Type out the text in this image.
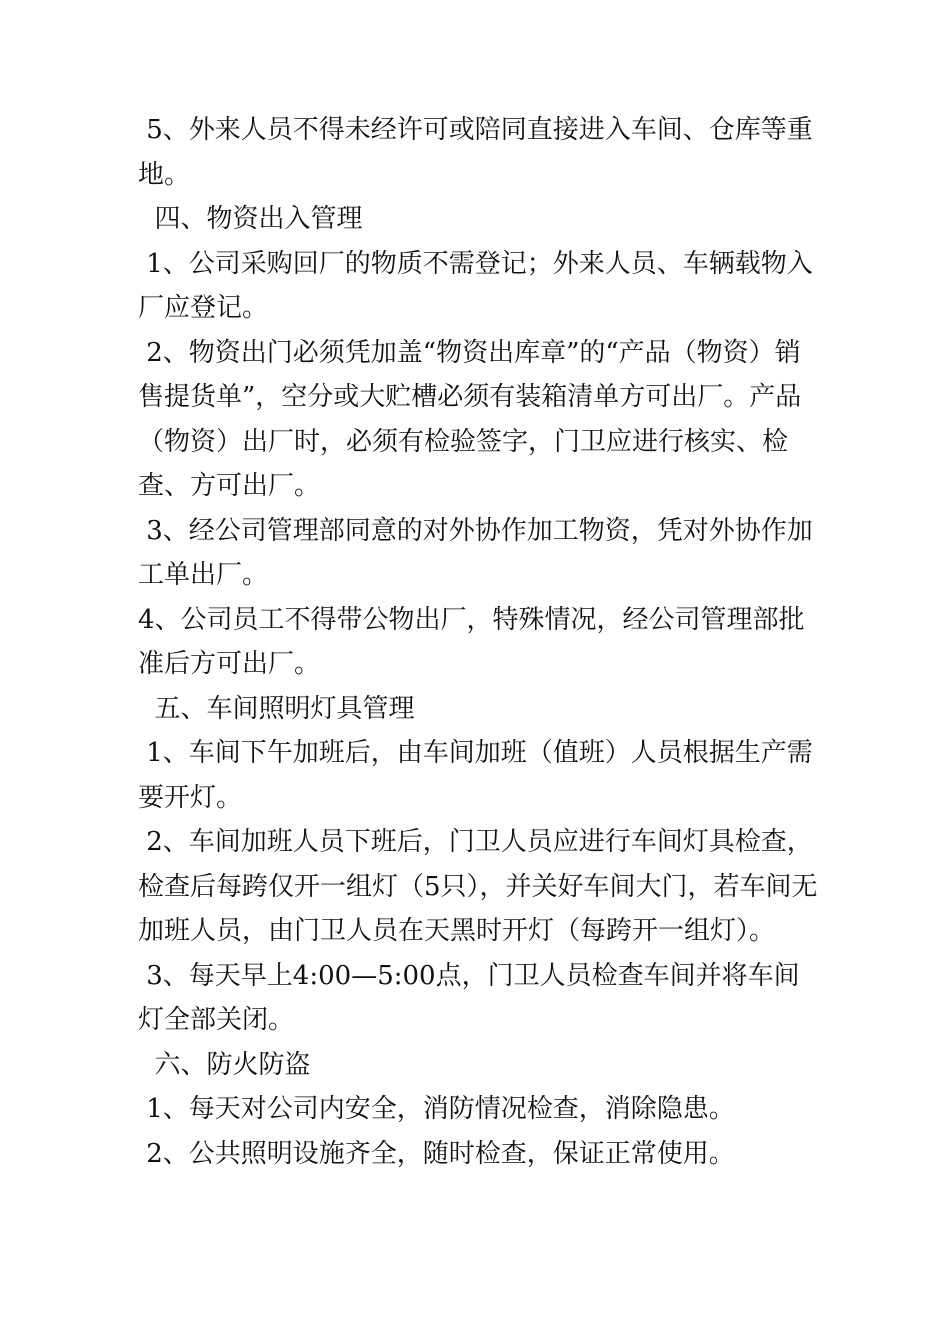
5、外来人员不得未经许可或陪同直接进入车间、仓库等重地。

四、物资出入管理

1、公司采购回厂的物质不需登记；外来人员、车辆载物入厂应登记。

2、物资出门必须凭加盖“物资出库章”的“产品（物资）销售提货单”，空分或大贮槽必须有装箱清单方可出厂。产品（物资）出厂时，必须有检验签字，门卫应进行核实、检查、方可出厂。

3、经公司管理部同意的对外协作加工物资，凭对外协作加工单出厂。

4、公司员工不得带公物出厂，特殊情况，经公司管理部批准后方可出厂。

五、车间照明灯具管理

1、车间下午加班后，由车间加班（值班）人员根据生产需要开灯。

2、车间加班人员下班后，门卫人员应进行车间灯具检查，检查后每跨仅开一组灯（5只），并关好车间大门，若车间无加班人员，由门卫人员在天黑时开灯（每跨开一组灯）。

3、每天早上4:00—5:00点，门卫人员检查车间并将车间灯全部关闭。

六、防火防盗

1、每天对公司内安全，消防情况检查，消除隐患。

2、公共照明设施齐全，随时检查，保证正常使用。
